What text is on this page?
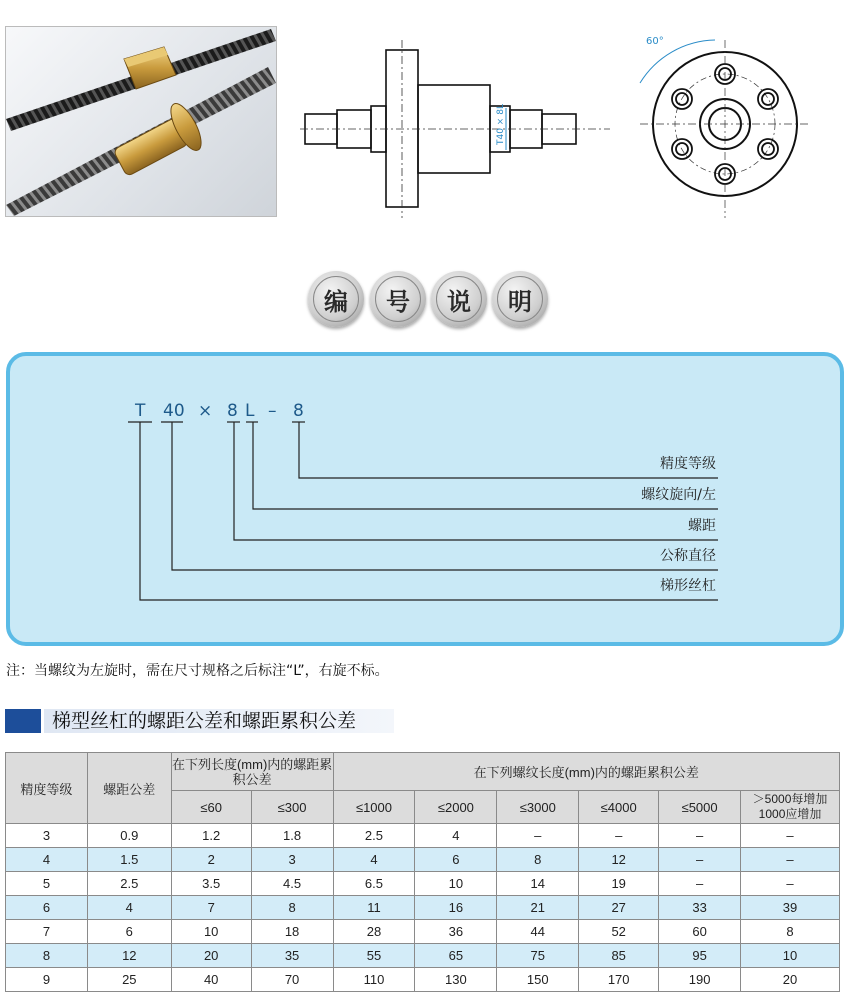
T40 × 8L
60°
编	号	说	明
T 40 × 8 L – 8
精度等级
螺纹旋向/左
螺距
公称直径
梯形丝杠
注：当螺纹为左旋时，需在尺寸规格之后标注“L”，右旋不标。
梯型丝杠的螺距公差和螺距累积公差
精度等级	螺距公差	在下列长度(mm)内的螺距累积公差		在下列螺纹长度(mm)内的螺距累积公差					
		≤60	≤300	≤1000	≤2000	≤3000	≤4000	≤5000	＞5000每增加1000应增加
3	0.9	1.2	1.8	2.5	4	–	–	–	–
4	1.5	2	3	4	6	8	12	–	–
5	2.5	3.5	4.5	6.5	10	14	19	–	–
6	4	7	8	11	16	21	27	33	39
7	6	10	18	28	36	44	52	60	8
8	12	20	35	55	65	75	85	95	10
9	25	40	70	110	130	150	170	190	20
